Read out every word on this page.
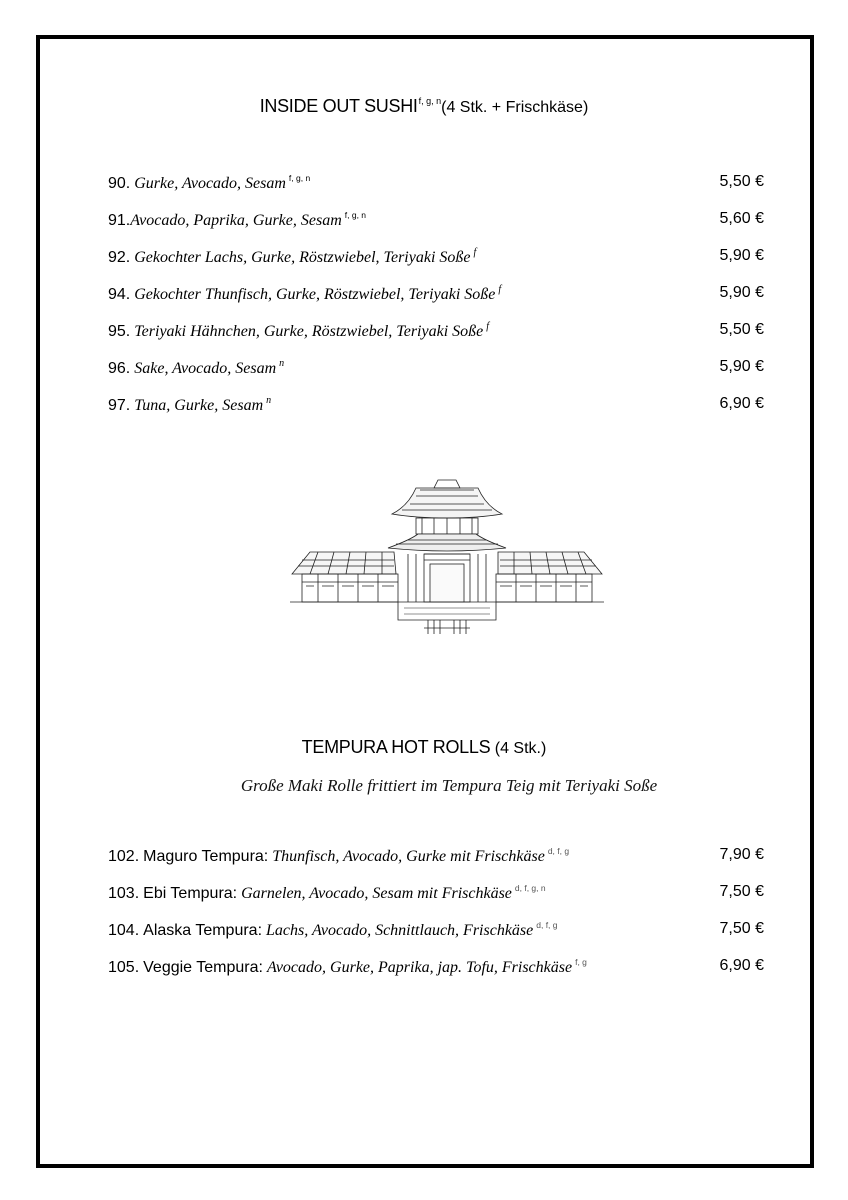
INSIDE OUT SUSHI$^{f, g, n}$(4 Stk. + Frischkäse)
90. Gurke, Avocado, Sesam $^{f, g, n}$	5,50 €
91.Avocado, Paprika, Gurke, Sesam $^{f, g, n}$	5,60 €
92. Gekochter Lachs, Gurke, Röstzwiebel, Teriyaki Soße $^f$	5,90 €
94. Gekochter Thunfisch, Gurke, Röstzwiebel, Teriyaki Soße $^f$	5,90 €
95. Teriyaki Hähnchen, Gurke, Röstzwiebel, Teriyaki Soße $^f$	5,50 €
96. Sake, Avocado, Sesam $^n$	5,90 €
97. Tuna, Gurke, Sesam $^n$	6,90 €
TEMPURA HOT ROLLS (4 Stk.)
Große Maki Rolle frittiert im Tempura Teig mit Teriyaki Soße
102. Maguro Tempura: Thunfisch, Avocado, Gurke mit Frischkäse $^{d, f, g}$	7,90 €
103. Ebi Tempura: Garnelen, Avocado, Sesam mit Frischkäse $^{d, f, g, n}$	7,50 €
104. Alaska Tempura: Lachs, Avocado, Schnittlauch, Frischkäse $^{d, f, g}$	7,50 €
105. Veggie Tempura: Avocado, Gurke, Paprika, jap. Tofu, Frischkäse $^{f, g}$	6,90 €
